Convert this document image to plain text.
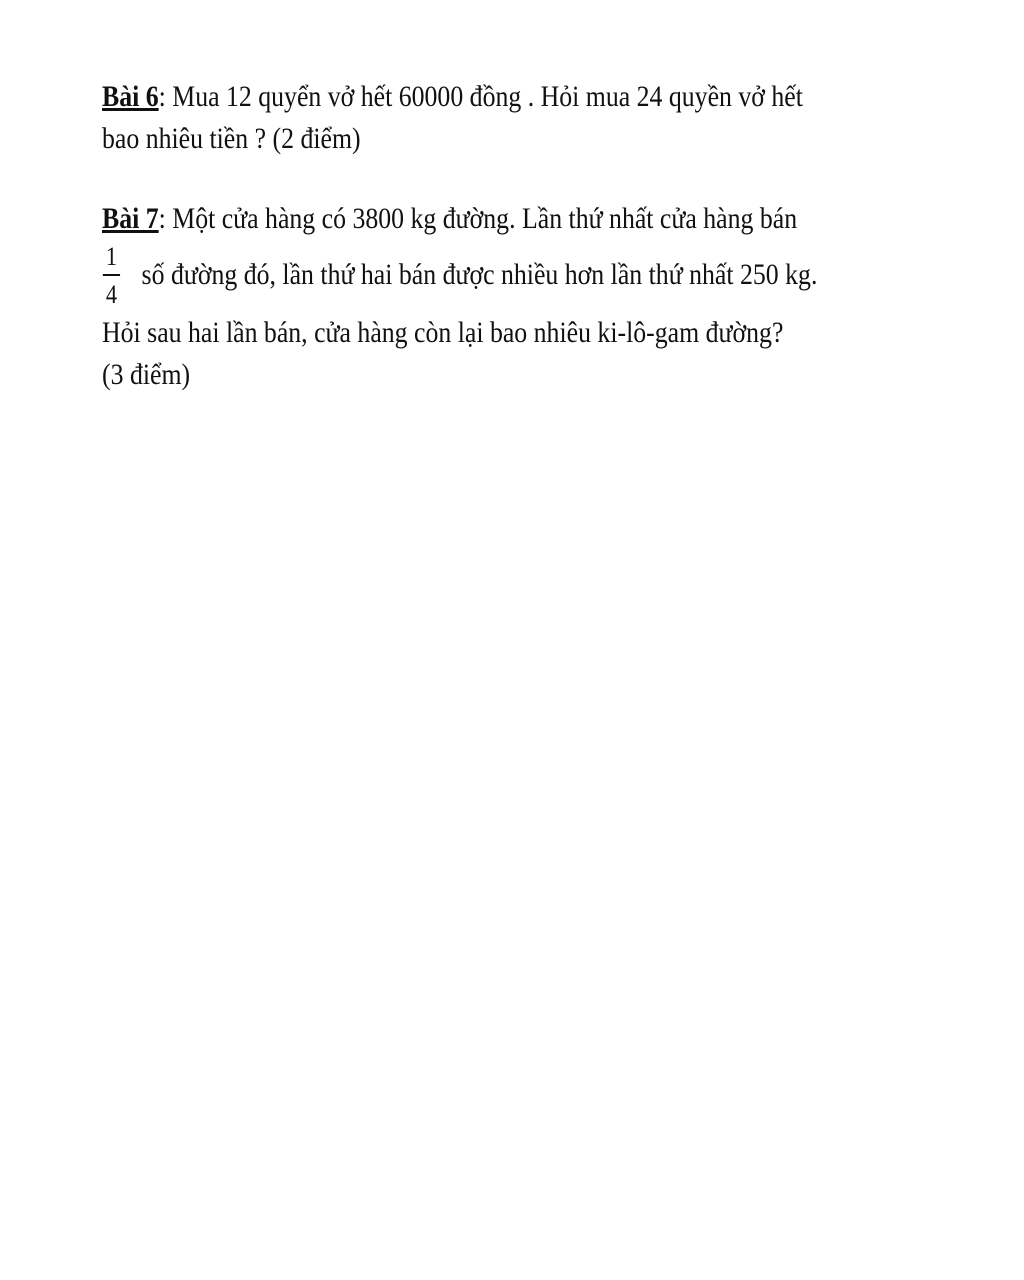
Bài 6: Mua 12 quyển vở hết 60000 đồng . Hỏi mua 24 quyền vở hết
bao nhiêu tiền ? (2 điểm)
Bài 7: Một cửa hàng có 3800 kg đường. Lần thứ nhất cửa hàng bán
1
4
số đường đó, lần thứ hai bán được nhiều hơn lần thứ nhất 250 kg.
Hỏi sau hai lần bán, cửa hàng còn lại bao nhiêu ki-lô-gam đường?
(3 điểm)
